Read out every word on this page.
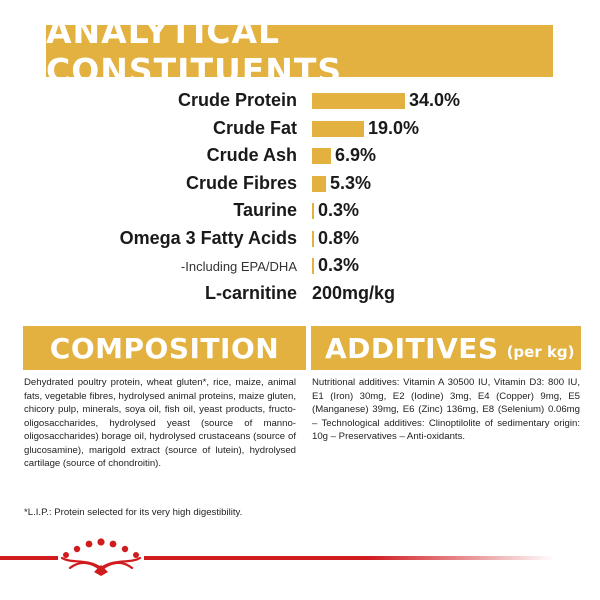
ANALYTICAL CONSTITUENTS
Crude Protein	34.0%
Crude Fat	19.0%
Crude Ash 6.9%
Crude Fibres 5.3%
Taurine 0.3%
Omega 3 Fatty Acids 0.8%
-Including EPA/DHA 0.3%
L-carnitine 200mg/kg
COMPOSITION ADDITIVES (per kg)
Dehydrated poultry protein, wheat gluten*, rice, maize, animal fats, vegetable fibres, hydrolysed animal proteins, maize gluten, chicory pulp, minerals, soya oil, fish oil, yeast products, fructo-oligosaccharides, hydrolysed yeast (source of manno-oligosaccharides) borage oil, hydrolysed crustaceans (source of glucosamine), marigold extract (source of lutein), hydrolysed cartilage (source of chondroitin).
*L.I.P.: Protein selected for its very high digestibility.
Nutritional additives: Vitamin A 30500 IU, Vitamin D3: 800 IU, E1 (Iron) 30mg, E2 (Iodine) 3mg, E4 (Copper) 9mg, E5 (Manganese) 39mg, E6 (Zinc) 136mg, E8 (Selenium) 0.06mg – Technological additives: Clinoptilolite of sedimentary origin: 10g – Preservatives – Anti-oxidants.
